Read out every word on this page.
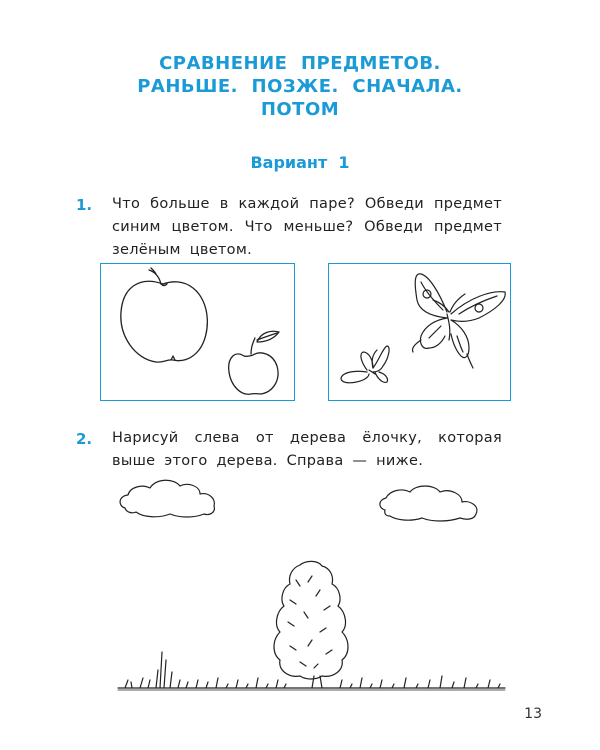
СРАВНЕНИЕ  ПРЕДМЕТОВ.
РАНЬШЕ.  ПОЗЖЕ.  СНАЧАЛА.
ПОТОМ
Вариант  1
1. Что больше в каждой паре? Обведи предмет синим цветом. Что меньше? Обведи предмет зелёным цветом.
2. Нарисуй слева от дерева ёлочку, которая выше этого дерева. Справа — ниже.
13
